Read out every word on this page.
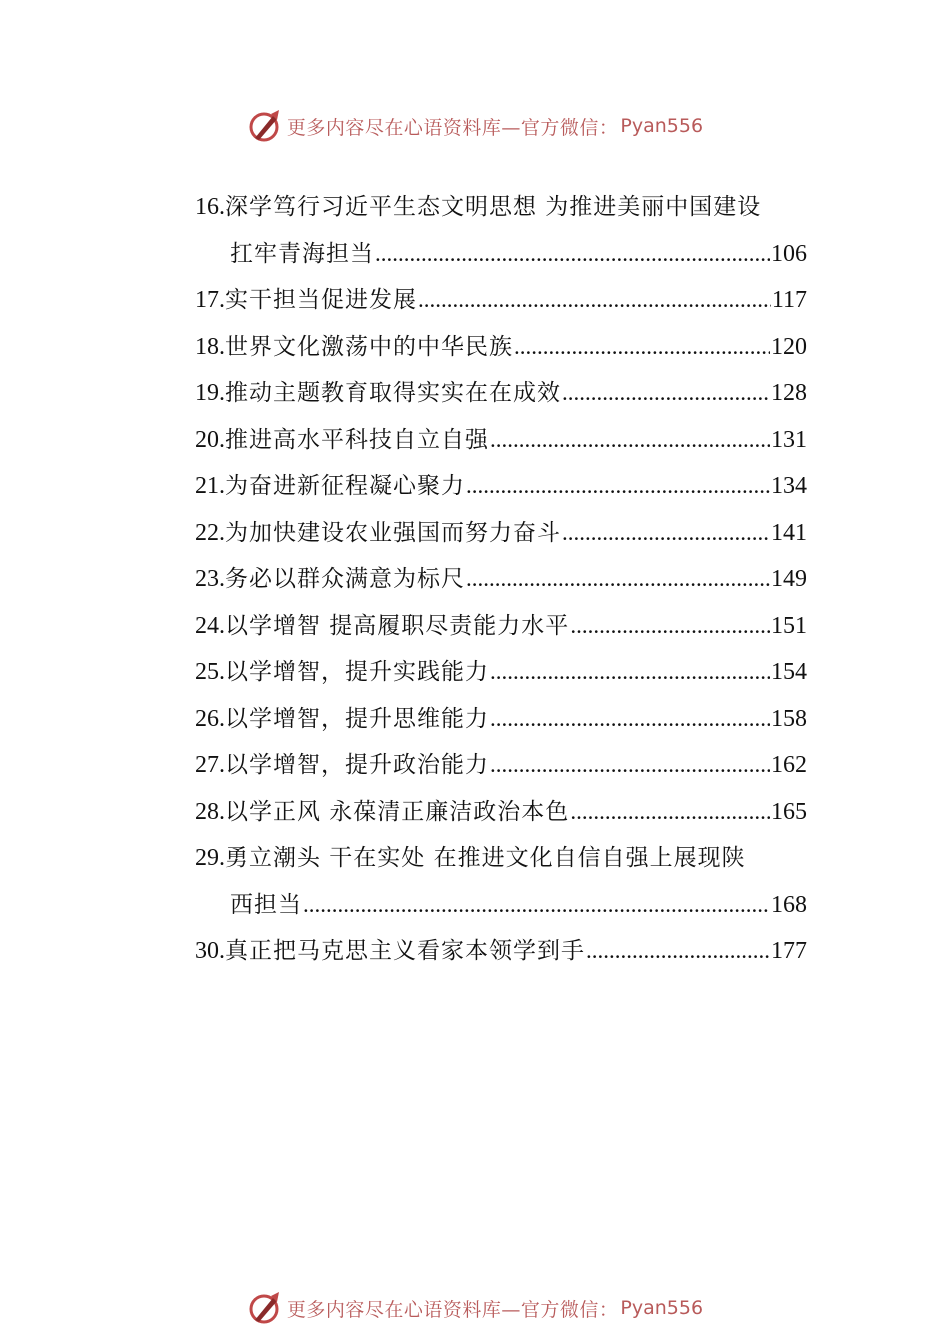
更多内容尽在心语资料库—官方微信： Pyan556
16. 深学笃行习近平生态文明思想 为推进美丽中国建设
扛牢青海担当 .....	106
17. 实干担当促进发展 .....	117
18. 世界文化激荡中的中华民族 .....	120
19. 推动主题教育取得实实在在成效 .....	128
20. 推进高水平科技自立自强 .....	131
21. 为奋进新征程凝心聚力 .....	134
22. 为加快建设农业强国而努力奋斗 .....	141
23. 务必以群众满意为标尺 .....	149
24. 以学增智 提高履职尽责能力水平 .....	151
25. 以学增智，提升实践能力 .....	154
26. 以学增智，提升思维能力 .....	158
27. 以学增智，提升政治能力 .....	162
28. 以学正风 永葆清正廉洁政治本色 .....	165
29. 勇立潮头 干在实处 在推进文化自信自强上展现陕
西担当 .....	168
30. 真正把马克思主义看家本领学到手 .....	177
更多内容尽在心语资料库—官方微信： Pyan556
